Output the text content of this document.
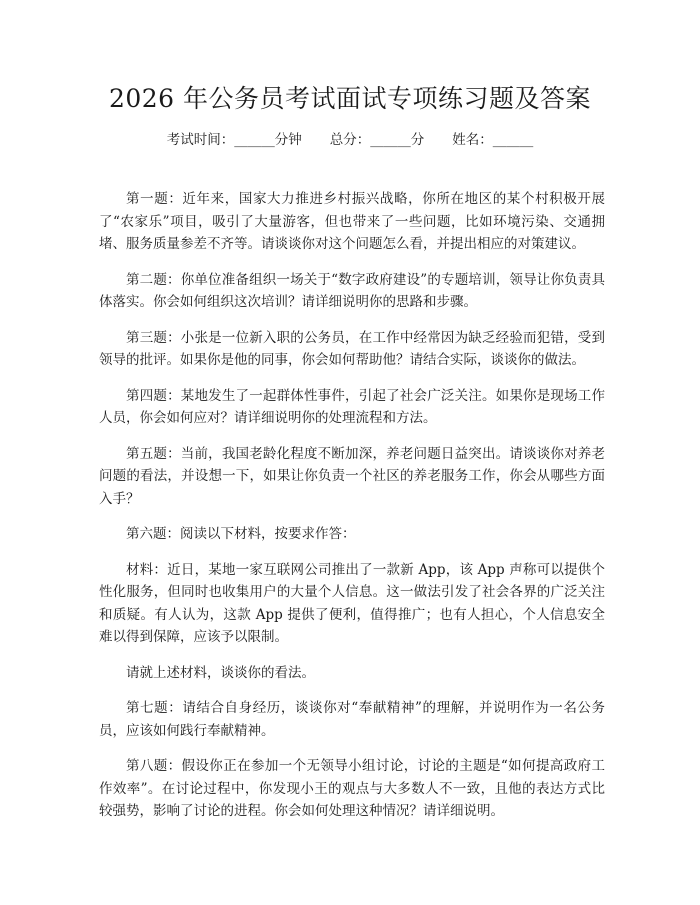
2026 年公务员考试面试专项练习题及答案
考试时间：______分钟 总分：______分 姓名：______

第一题：近年来，国家大力推进乡村振兴战略，你所在地区的某个村积极开展了“农家乐”项目，吸引了大量游客，但也带来了一些问题，比如环境污染、交通拥堵、服务质量参差不齐等。请谈谈你对这个问题怎么看，并提出相应的对策建议。

第二题：你单位准备组织一场关于“数字政府建设”的专题培训，领导让你负责具体落实。你会如何组织这次培训？请详细说明你的思路和步骤。

第三题：小张是一位新入职的公务员，在工作中经常因为缺乏经验而犯错，受到领导的批评。如果你是他的同事，你会如何帮助他？请结合实际，谈谈你的做法。

第四题：某地发生了一起群体性事件，引起了社会广泛关注。如果你是现场工作人员，你会如何应对？请详细说明你的处理流程和方法。

第五题：当前，我国老龄化程度不断加深，养老问题日益突出。请谈谈你对养老问题的看法，并设想一下，如果让你负责一个社区的养老服务工作，你会从哪些方面入手？

第六题：阅读以下材料，按要求作答：

材料：近日，某地一家互联网公司推出了一款新 App，该 App 声称可以提供个性化服务，但同时也收集用户的大量个人信息。这一做法引发了社会各界的广泛关注和质疑。有人认为，这款 App 提供了便利，值得推广；也有人担心，个人信息安全难以得到保障，应该予以限制。

请就上述材料，谈谈你的看法。

第七题：请结合自身经历，谈谈你对“奉献精神”的理解，并说明作为一名公务员，应该如何践行奉献精神。

第八题：假设你正在参加一个无领导小组讨论，讨论的主题是“如何提高政府工作效率”。在讨论过程中，你发现小王的观点与大多数人不一致，且他的表达方式比较强势，影响了讨论的进程。你会如何处理这种情况？请详细说明。
